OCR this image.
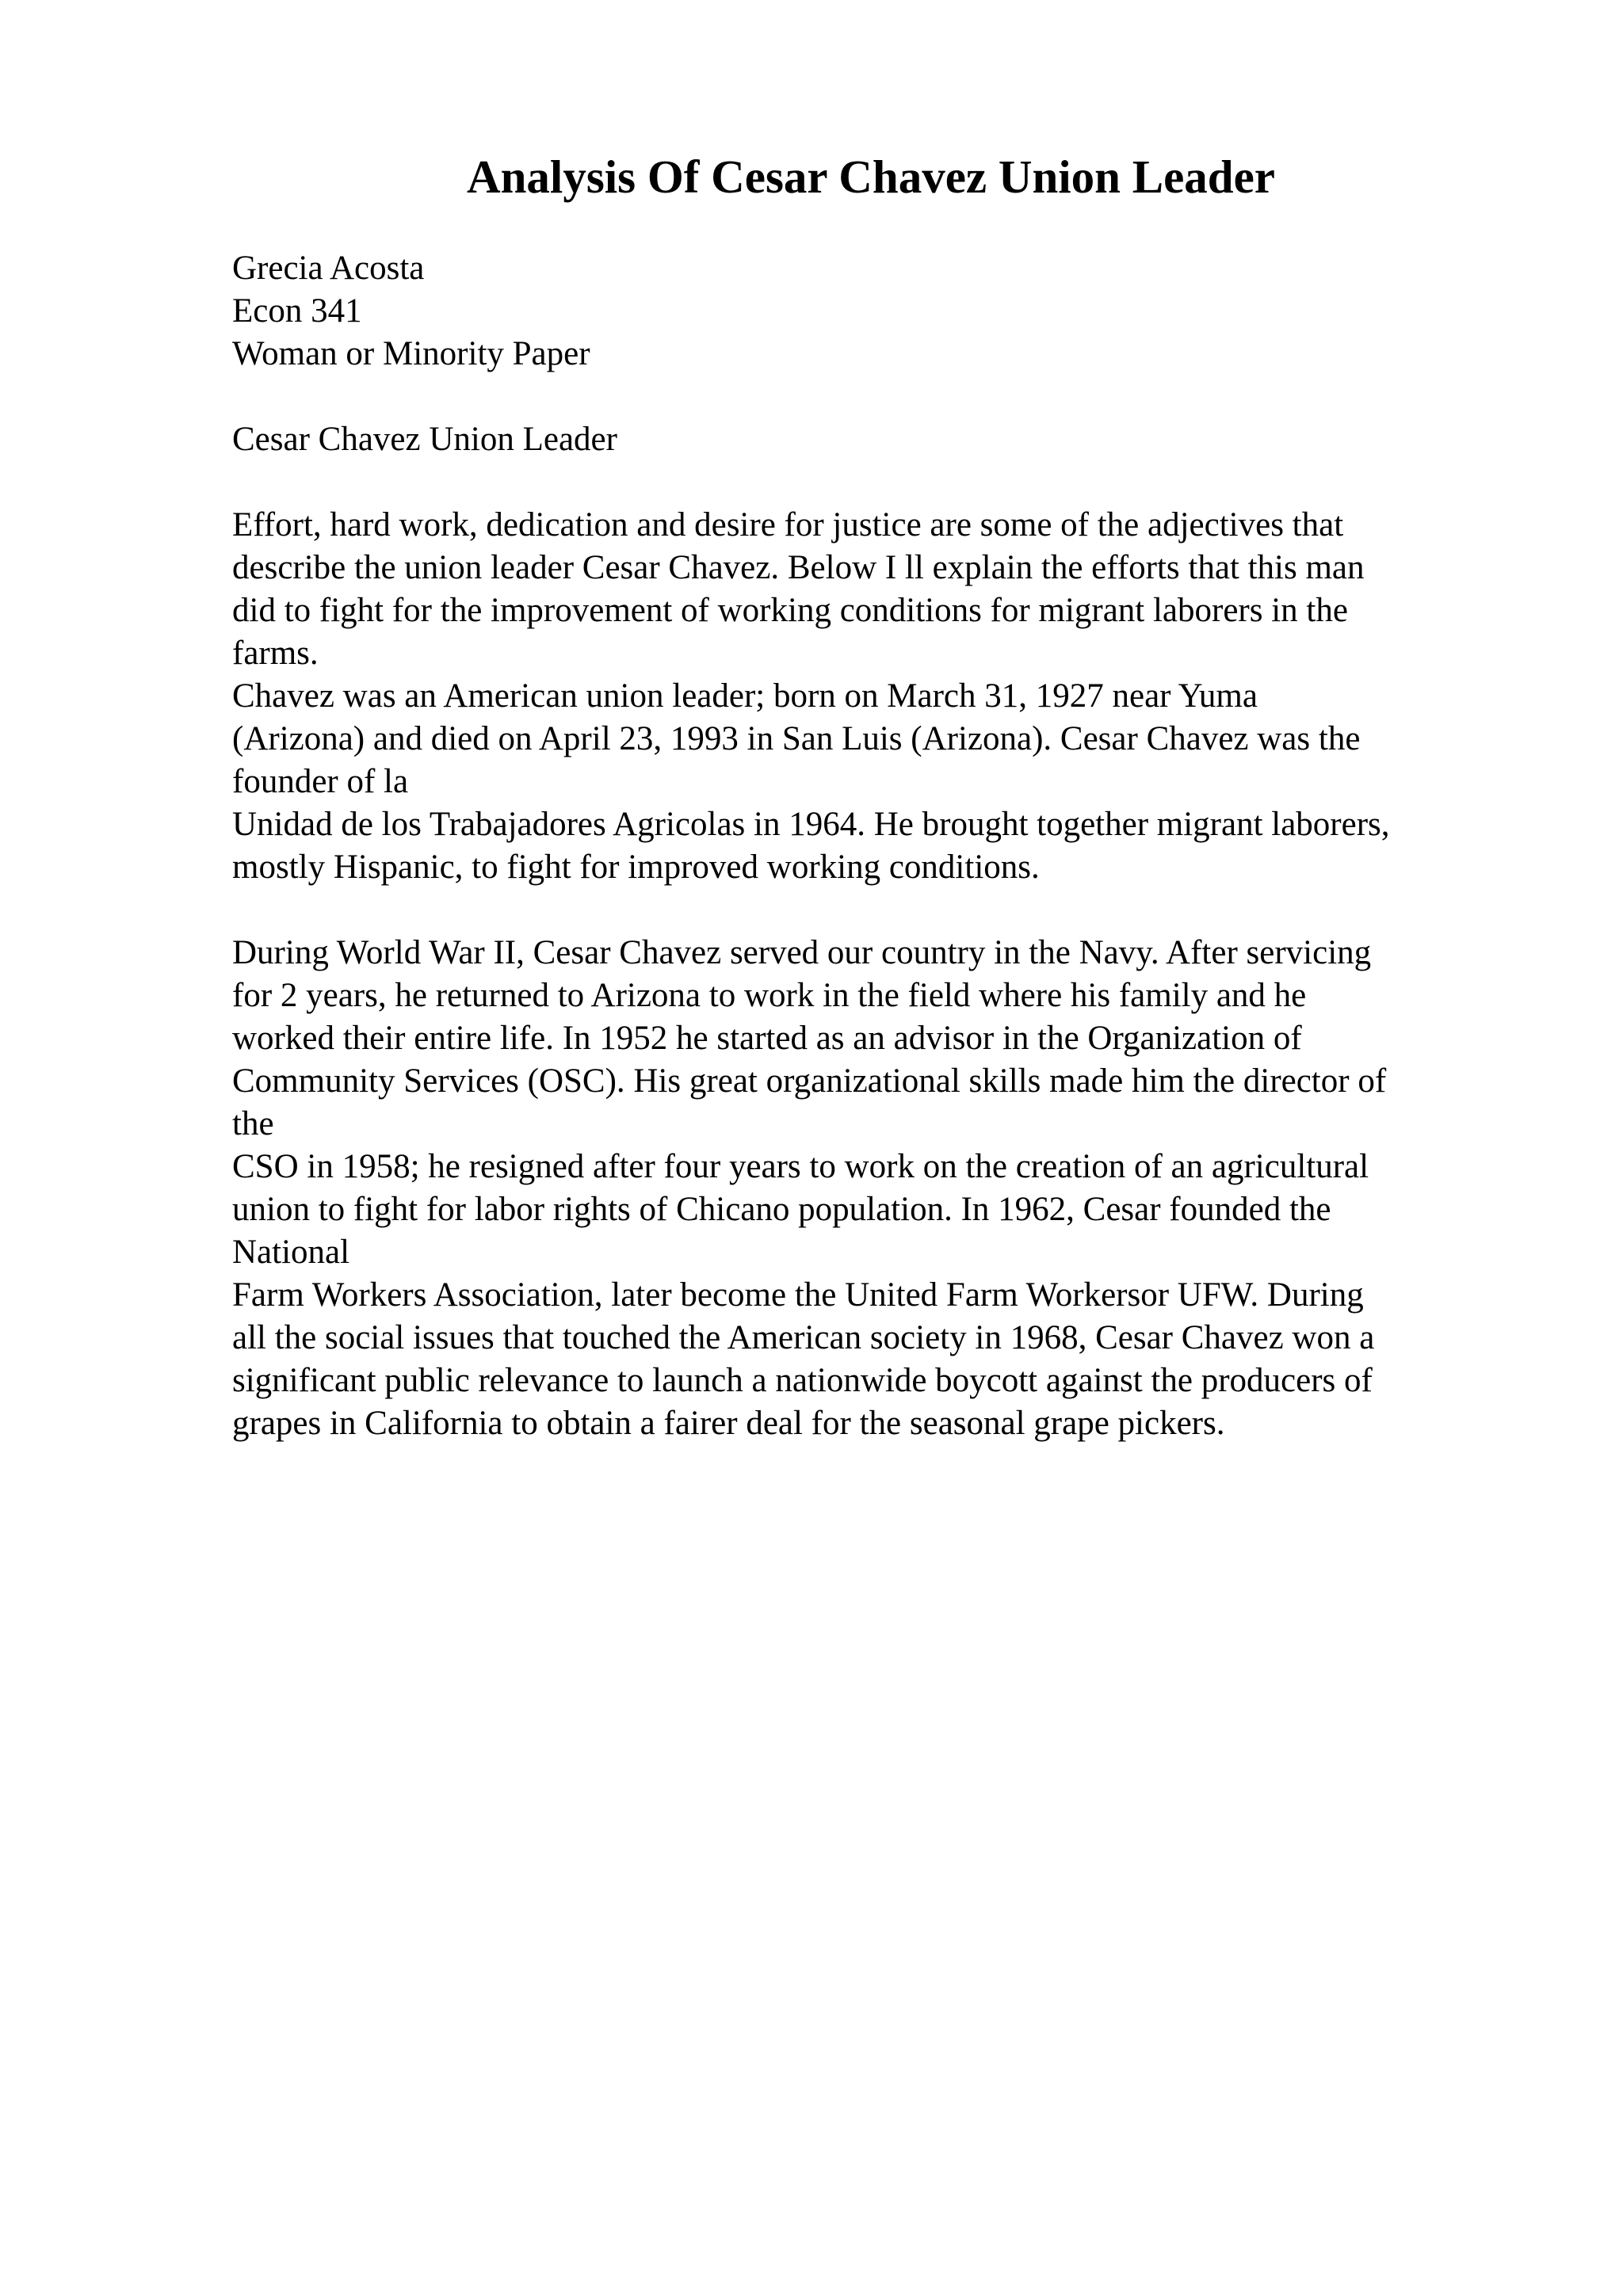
Analysis Of Cesar Chavez Union Leader
Grecia Acosta
Econ 341
Woman or Minority Paper
Cesar Chavez Union Leader
Effort, hard work, dedication and desire for justice are some of the adjectives that
describe the union leader Cesar Chavez. Below I ll explain the efforts that this man
did to fight for the improvement of working conditions for migrant laborers in the
farms.
Chavez was an American union leader; born on March 31, 1927 near Yuma
(Arizona) and died on April 23, 1993 in San Luis (Arizona). Cesar Chavez was the
founder of la
Unidad de los Trabajadores Agricolas in 1964. He brought together migrant laborers,
mostly Hispanic, to fight for improved working conditions.
During World War II, Cesar Chavez served our country in the Navy. After servicing
for 2 years, he returned to Arizona to work in the field where his family and he
worked their entire life. In 1952 he started as an advisor in the Organization of
Community Services (OSC). His great organizational skills made him the director of
the
CSO in 1958; he resigned after four years to work on the creation of an agricultural
union to fight for labor rights of Chicano population. In 1962, Cesar founded the
National
Farm Workers Association, later become the United Farm Workersor UFW. During
all the social issues that touched the American society in 1968, Cesar Chavez won a
significant public relevance to launch a nationwide boycott against the producers of
grapes in California to obtain a fairer deal for the seasonal grape pickers.
